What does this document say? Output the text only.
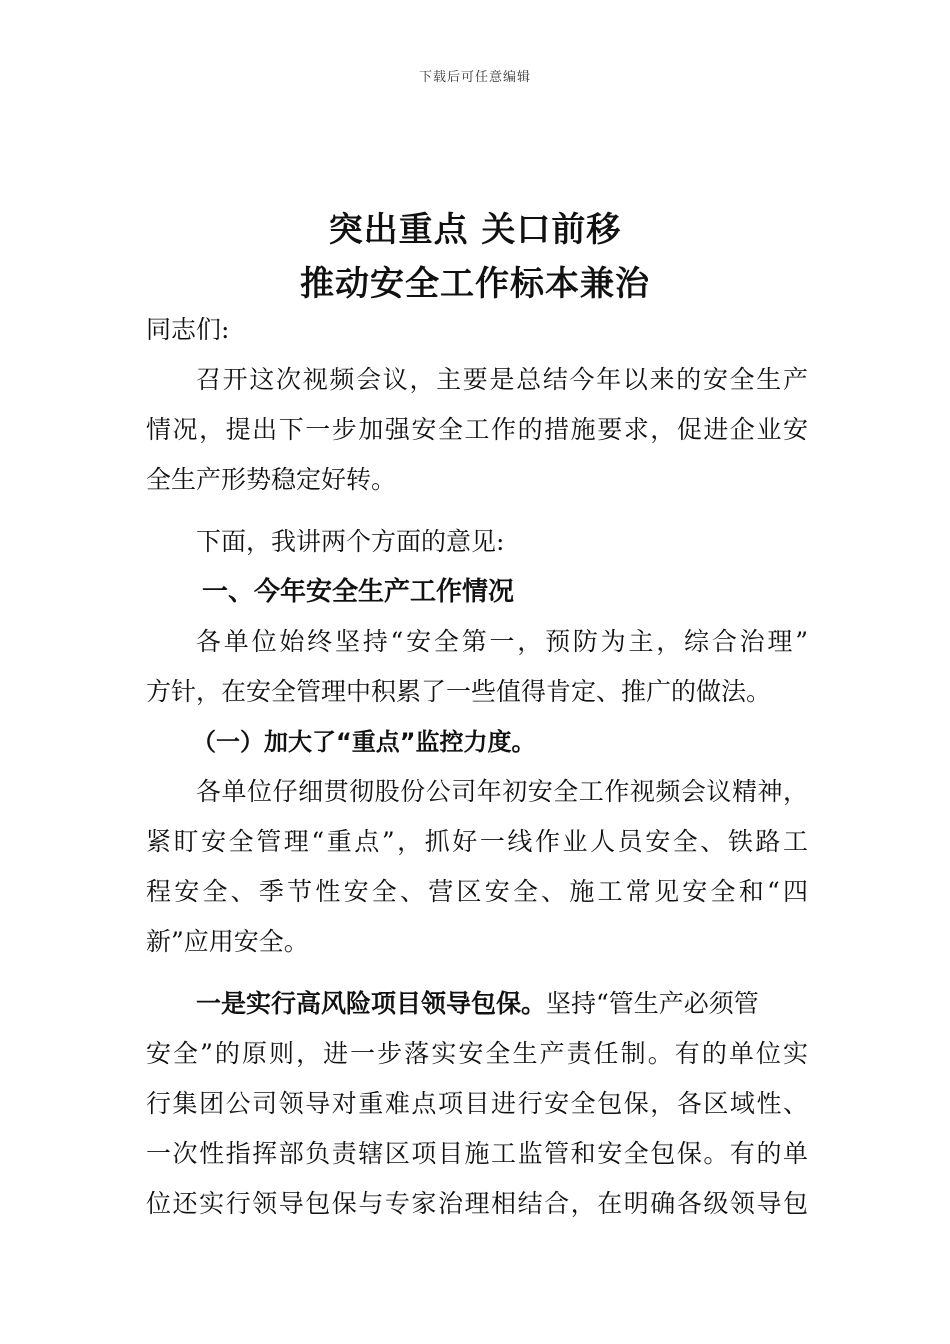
下载后可任意编辑
突出重点 关口前移
推动安全工作标本兼治
同志们:
召开这次视频会议，主要是总结今年以来的安全生产
情况，提出下一步加强安全工作的措施要求，促进企业安
全生产形势稳定好转。
下面，我讲两个方面的意见:
一、今年安全生产工作情况
各单位始终坚持“安全第一，预防为主，综合治理”
方针，在安全管理中积累了一些值得肯定、推广的做法。
（一）加大了“重点”监控力度。
各单位仔细贯彻股份公司年初安全工作视频会议精神，
紧盯安全管理“重点”，抓好一线作业人员安全、铁路工
程安全、季节性安全、营区安全、施工常见安全和“四
新”应用安全。
一是实行高风险项目领导包保。坚持“管生产必须管
安全”的原则，进一步落实安全生产责任制。有的单位实
行集团公司领导对重难点项目进行安全包保，各区域性、
一次性指挥部负责辖区项目施工监管和安全包保。有的单
位还实行领导包保与专家治理相结合，在明确各级领导包
